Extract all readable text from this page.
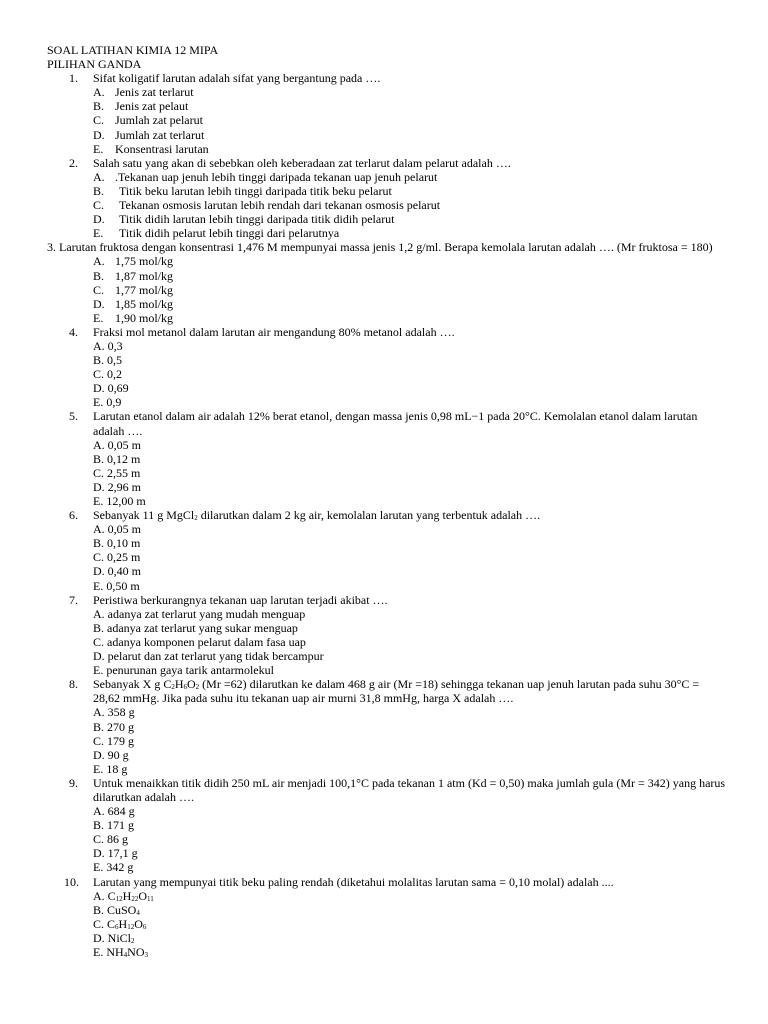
SOAL LATIHAN KIMIA 12 MIPA
PILIHAN GANDA
1. Sifat koligatif larutan adalah sifat yang bergantung pada ….
A. Jenis zat terlarut
B. Jenis zat pelaut
C. Jumlah zat pelarut
D. Jumlah zat terlarut
E. Konsentrasi larutan
2. Salah satu yang akan di sebebkan oleh keberadaan zat terlarut dalam pelarut adalah ….
A. .Tekanan uap jenuh lebih tinggi daripada tekanan uap jenuh pelarut
B. Titik beku larutan lebih tinggi daripada titik beku pelarut
C. Tekanan osmosis larutan lebih rendah dari tekanan osmosis pelarut
D. Titik didih larutan lebih tinggi daripada titik didih pelarut
E. Titik didih pelarut lebih tinggi dari pelarutnya
3. Larutan fruktosa dengan konsentrasi 1,476 M mempunyai massa jenis 1,2 g/ml. Berapa kemolala larutan adalah …. (Mr fruktosa = 180)
A. 1,75 mol/kg
B. 1,87 mol/kg
C. 1,77 mol/kg
D. 1,85 mol/kg
E. 1,90 mol/kg
4. Fraksi mol metanol dalam larutan air mengandung 80% metanol adalah ….
A. 0,3
B. 0,5
C. 0,2
D. 0,69
E. 0,9
5. Larutan etanol dalam air adalah 12% berat etanol, dengan massa jenis 0,98 mL−1 pada 20°C. Kemolalan etanol dalam larutan adalah ….
A. 0,05 m
B. 0,12 m
C. 2,55 m
D. 2,96 m
E. 12,00 m
6. Sebanyak 11 g MgCl$_2$ dilarutkan dalam 2 kg air, kemolalan larutan yang terbentuk adalah ….
A. 0,05 m
B. 0,10 m
C. 0,25 m
D. 0,40 m
E. 0,50 m
7. Peristiwa berkurangnya tekanan uap larutan terjadi akibat ….
A. adanya zat terlarut yang mudah menguap
B. adanya zat terlarut yang sukar menguap
C. adanya komponen pelarut dalam fasa uap
D. pelarut dan zat terlarut yang tidak bercampur
E. penurunan gaya tarik antarmolekul
8. Sebanyak X g $C_2H_6O_2$ (Mr =62) dilarutkan ke dalam 468 g air (Mr =18) sehingga tekanan uap jenuh larutan pada suhu 30°C = 28,62 mmHg. Jika pada suhu itu tekanan uap air murni 31,8 mmHg, harga X adalah ….
A. 358 g
B. 270 g
C. 179 g
D. 90 g
E. 18 g
9. Untuk menaikkan titik didih 250 mL air menjadi 100,1°C pada tekanan 1 atm (Kd = 0,50) maka jumlah gula (Mr = 342) yang harus dilarutkan adalah ….
A. 684 g
B. 171 g
C. 86 g
D. 17,1 g
E. 342 g
10. Larutan yang mempunyai titik beku paling rendah (diketahui molalitas larutan sama = 0,10 molal) adalah ....
A. $C_{12}H_{22}O_{11}$
B. CuSO$_4$
C. $C_6H_{12}O_6$
D. NiCl$_2$
E. $NH_4NO_3$
